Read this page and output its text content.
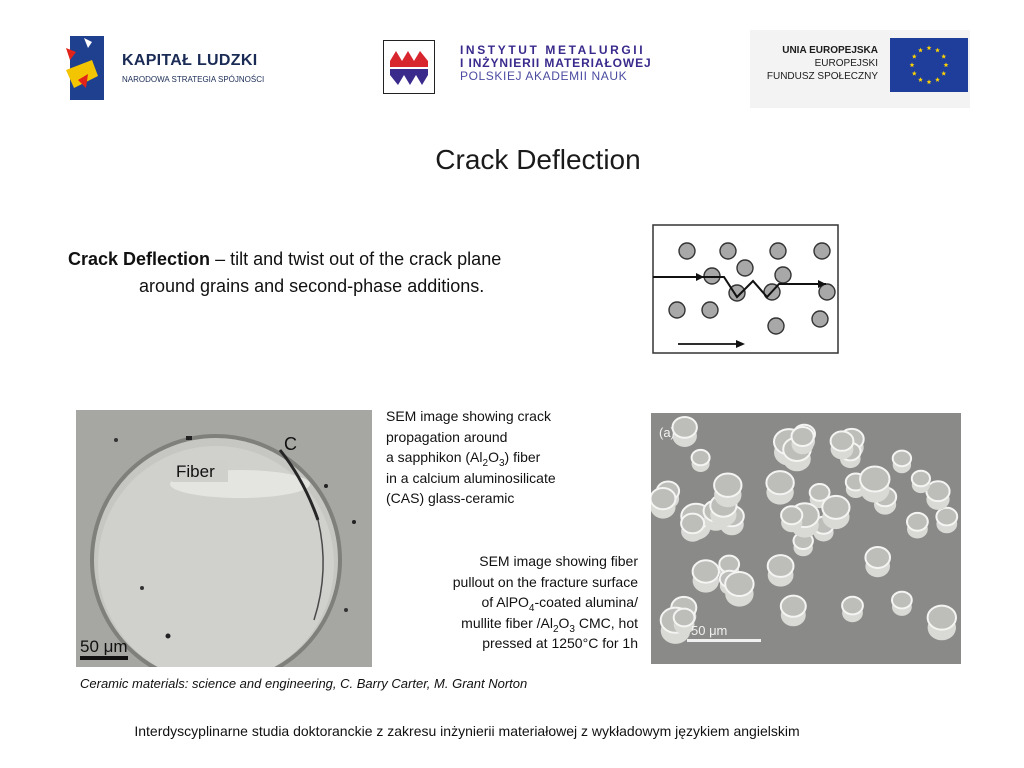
KAPITAŁ LUDZKI
NARODOWA STRATEGIA SPÓJNOŚCI
INSTYTUT METALURGII
I INŻYNIERII MATERIAŁOWEJ
POLSKIEJ AKADEMII NAUK
UNIA EUROPEJSKA
EUROPEJSKI
FUNDUSZ SPOŁECZNY
Crack Deflection
Crack Deflection – tilt and twist out of the crack plane
around grains and second-phase additions.
C
Fiber
50 μm
SEM image showing crack
propagation around
a sapphikon $(Al_2O_3)$ fiber
in a calcium aluminosilicate
(CAS) glass-ceramic
SEM image showing fiber
pullout on the fracture surface
of AlPO$_4$-coated alumina/
mullite fiber $/Al_2O_3$ CMC, hot
pressed at 1250°C for 1h
(a)
50 μm
Ceramic materials: science and engineering, C. Barry Carter, M. Grant Norton
Interdyscyplinarne studia doktoranckie z zakresu inżynierii materiałowej z wykładowym językiem angielskim
